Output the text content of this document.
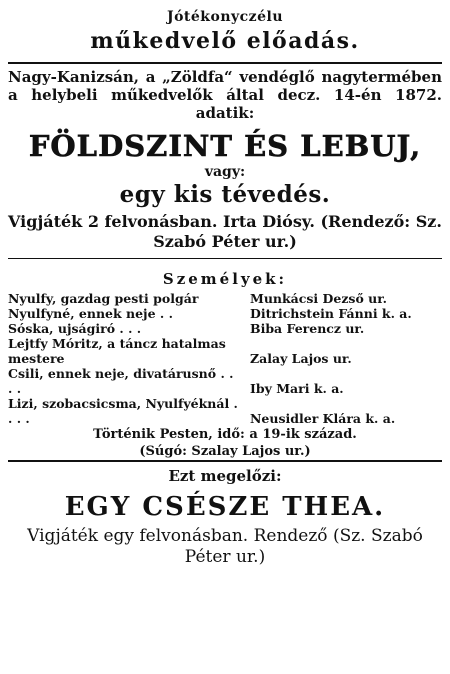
Jótékonyczélu
műkedvelő előadás.
Nagy-Kanizsán, a „Zöldfa“ vendéglő nagytermében a helybeli műkedvelők által decz. 14-én 1872. adatik:
FÖLDSZINT ÉS LEBUJ,
vagy:
egy kis tévedés.
Vigjáték 2 felvonásban. Irta Diósy. (Rendező: Sz. Szabó Péter ur.)
Személyek:
Nyulfy, gazdag pesti polgár	Munkácsi Dezső ur.
Nyulfyné, ennek neje . .	Ditrichstein Fánni k. a.
Sóska, ujságiró . . .	Biba Ferencz ur.
Lejtfy Móritz, a táncz hatalmas mestere	Zalay Lajos ur.
Csili, ennek neje, divatárusnő . . . .	Iby Mari k. a.
Lizi, szobacsicsma, Nyulfyéknál . . . .	Neusidler Klára k. a.
Történik Pesten, idő: a 19-ik század.
(Súgó: Szalay Lajos ur.)
Ezt megelőzi:
EGY CSÉSZE THEA.
Vigjáték egy felvonásban. Rendező (Sz. Szabó Péter ur.)
